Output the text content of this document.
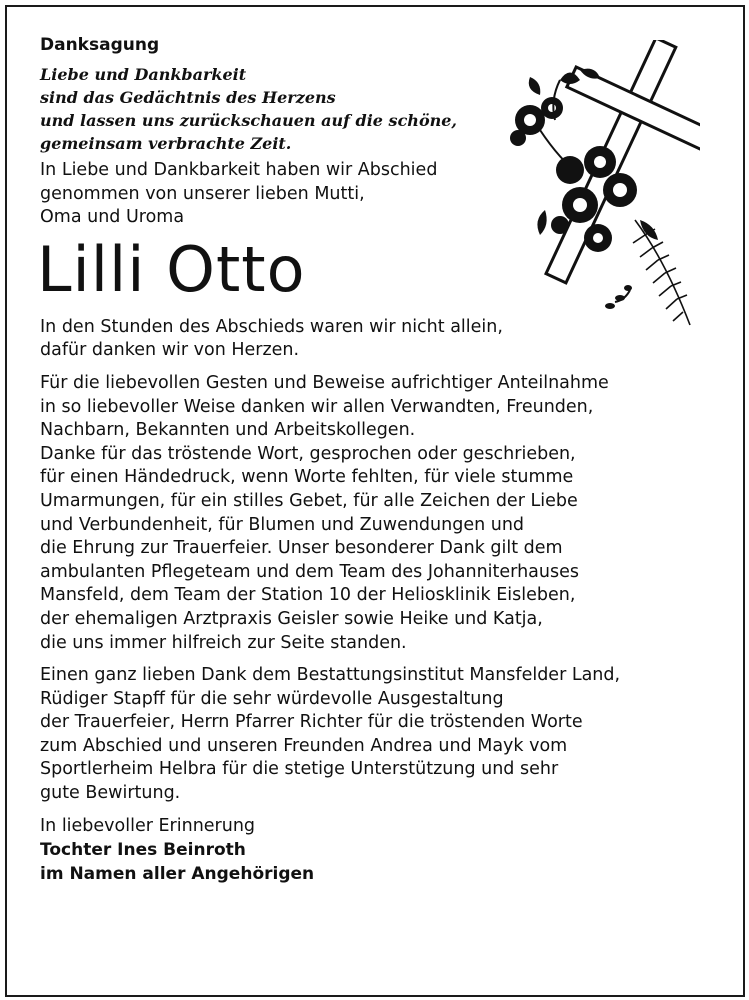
Danksagung
Liebe und Dankbarkeit
sind das Gedächtnis des Herzens
und lassen uns zurückschauen auf die schöne,
gemeinsam verbrachte Zeit.
In Liebe und Dankbarkeit haben wir Abschied
genommen von unserer lieben Mutti,
Oma und Uroma
Lilli Otto
In den Stunden des Abschieds waren wir nicht allein,
dafür danken wir von Herzen.
Für die liebevollen Gesten und Beweise aufrichtiger Anteilnahme
in so liebevoller Weise danken wir allen Verwandten, Freunden,
Nachbarn, Bekannten und Arbeitskollegen.
Danke für das tröstende Wort, gesprochen oder geschrieben,
für einen Händedruck, wenn Worte fehlten, für viele stumme
Umarmungen, für ein stilles Gebet, für alle Zeichen der Liebe
und Verbundenheit, für Blumen und Zuwendungen und
die Ehrung zur Trauerfeier. Unser besonderer Dank gilt dem
ambulanten Pflegeteam und dem Team des Johanniterhauses
Mansfeld, dem Team der Station 10 der Heliosklinik Eisleben,
der ehemaligen Arztpraxis Geisler sowie Heike und Katja,
die uns immer hilfreich zur Seite standen.
Einen ganz lieben Dank dem Bestattungsinstitut Mansfelder Land,
Rüdiger Stapff für die sehr würdevolle Ausgestaltung
der Trauerfeier, Herrn Pfarrer Richter für die tröstenden Worte
zum Abschied und unseren Freunden Andrea und Mayk vom
Sportlerheim Helbra für die stetige Unterstützung und sehr
gute Bewirtung.
In liebevoller Erinnerung
Tochter Ines Beinroth
im Namen aller Angehörigen
